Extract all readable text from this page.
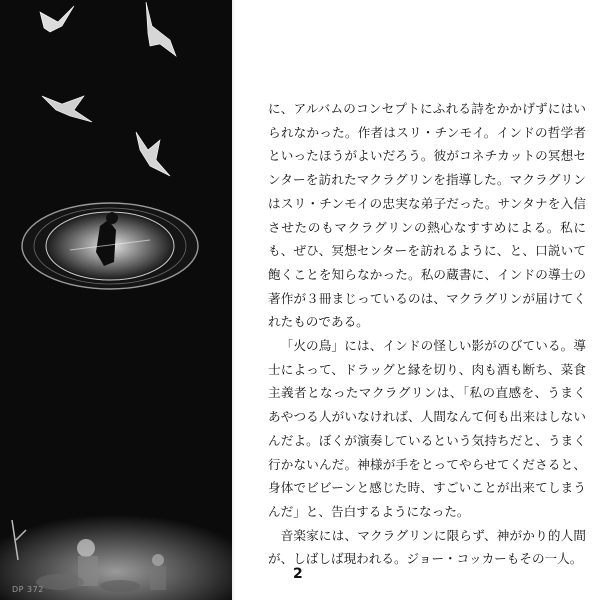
DP 372

に、アルバムのコンセプトにふれる詩をかかげずにはいられなかった。作者はスリ・チンモイ。インドの哲学者といったほうがよいだろう。彼がコネチカットの冥想センターを訪れたマクラグリンを指導した。マクラグリンはスリ・チンモイの忠実な弟子だった。サンタナを入信させたのもマクラグリンの熱心なすすめによる。私にも、ぜひ、冥想センターを訪れるように、と、口説いて飽くことを知らなかった。私の蔵書に、インドの導士の著作が３冊まじっているのは、マクラグリンが届けてくれたものである。

「火の鳥」には、インドの怪しい影がのびている。導士によって、ドラッグと縁を切り、肉も酒も断ち、菜食主義者となったマクラグリンは、｢私の直感を、うまくあやつる人がいなければ、人間なんて何も出来はしないんだよ。ぼくが演奏しているという気持ちだと、うまく行かないんだ。神様が手をとってやらせてくださると、身体でビビーンと感じた時、すごいことが出来てしまうんだ」と、告白するようになった。

音楽家には、マクラグリンに限らず、神がかり的人間が、しばしば現われる。ジョー・コッカーもその一人。

2
